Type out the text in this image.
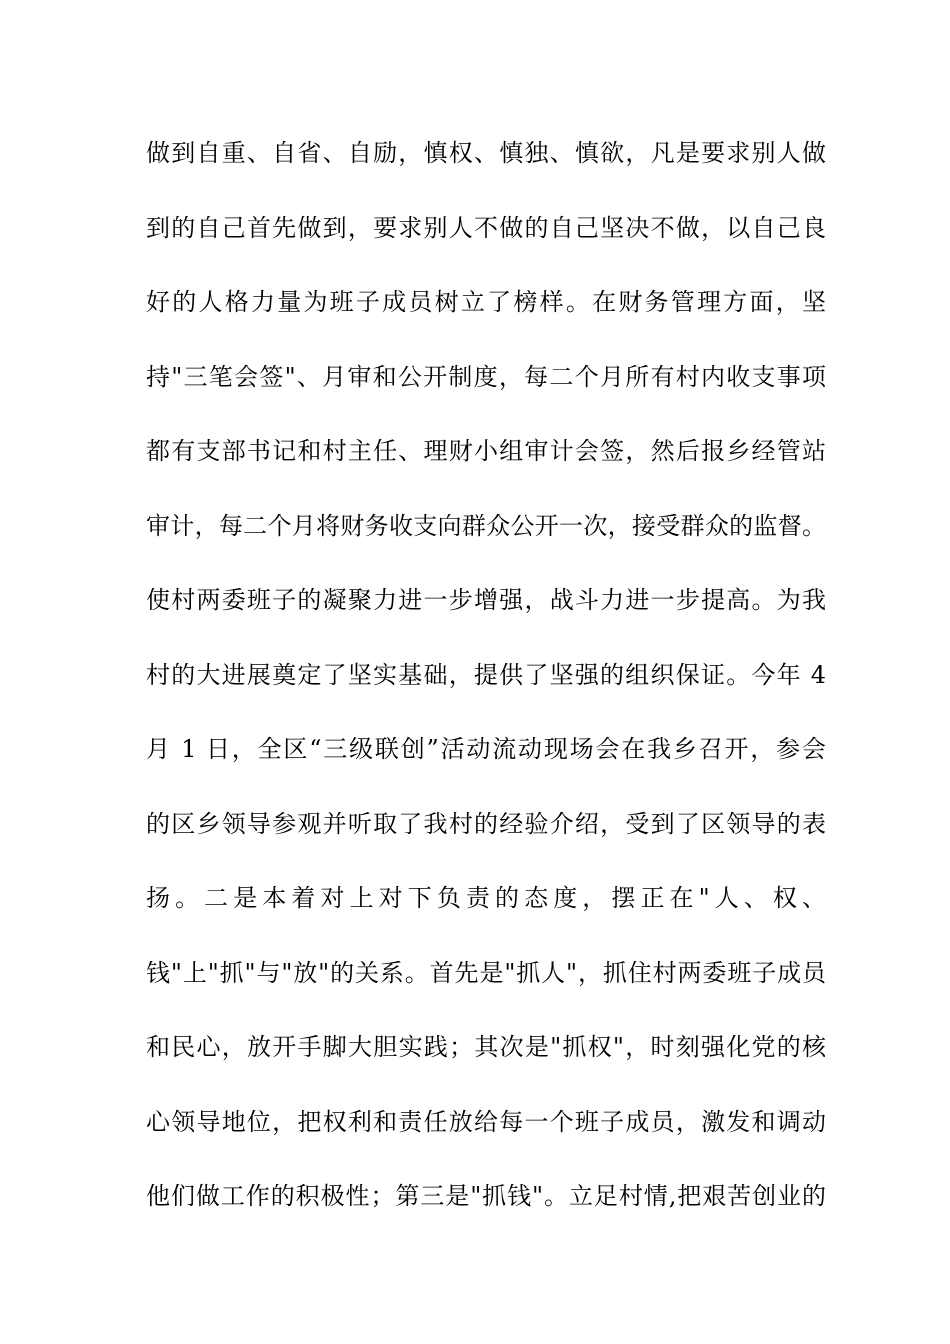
做到自重、自省、自励，慎权、慎独、慎欲，凡是要求别人做
到的自己首先做到，要求别人不做的自己坚决不做，以自己良
好的人格力量为班子成员树立了榜样。在财务管理方面，坚
持"三笔会签"、月审和公开制度，每二个月所有村内收支事项
都有支部书记和村主任、理财小组审计会签，然后报乡经管站
审计，每二个月将财务收支向群众公开一次，接受群众的监督。
使村两委班子的凝聚力进一步增强，战斗力进一步提高。为我
村的大进展奠定了坚实基础，提供了坚强的组织保证。今年 4
月 1 日，全区“三级联创”活动流动现场会在我乡召开，参会
的区乡领导参观并听取了我村的经验介绍，受到了区领导的表
扬。二是本着对上对下负责的态度，摆正在"人、权、
钱"上"抓"与"放"的关系。首先是"抓人"，抓住村两委班子成员
和民心，放开手脚大胆实践；其次是"抓权"，时刻强化党的核
心领导地位，把权利和责任放给每一个班子成员，激发和调动
他们做工作的积极性；第三是"抓钱"。立足村情,把艰苦创业的
